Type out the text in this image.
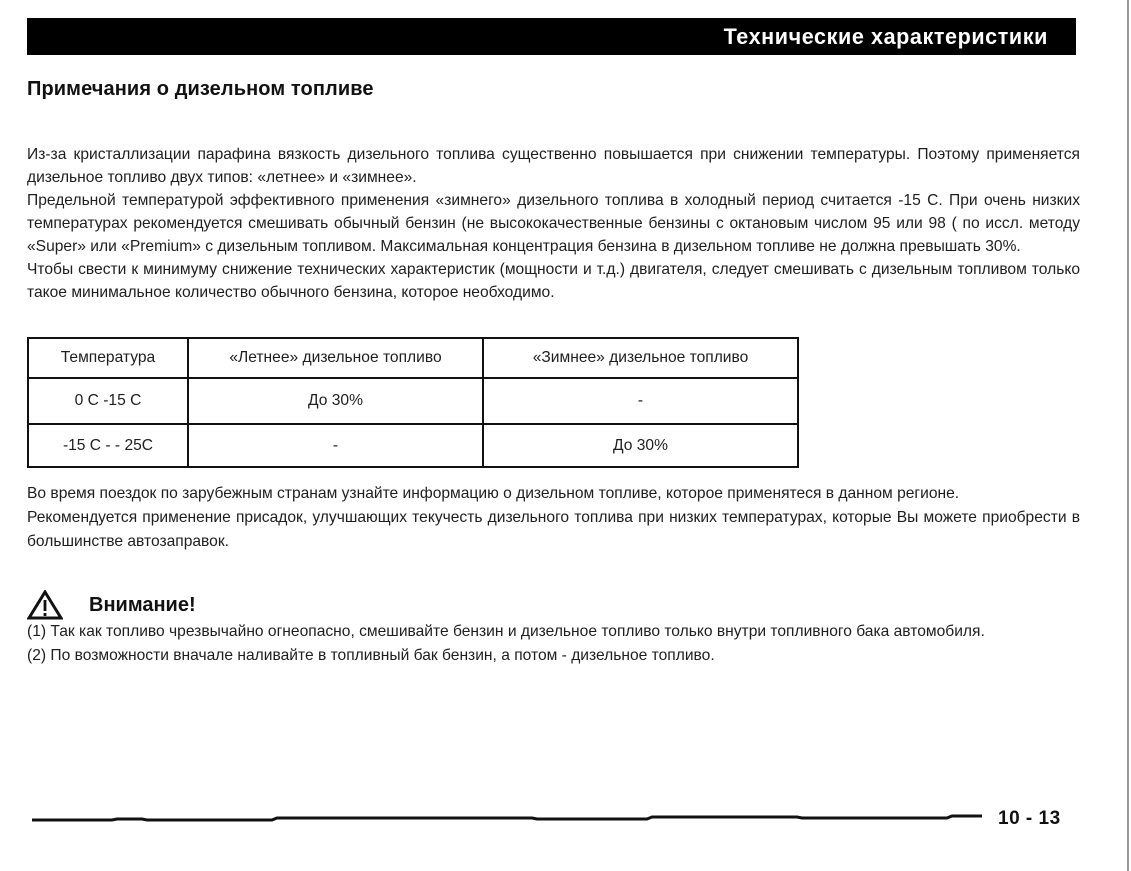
Технические характеристики
Примечания о дизельном топливе

Из-за кристаллизации парафина вязкость дизельного топлива существенно повышается при снижении температуры. Поэтому применяется дизельное топливо двух типов: «летнее» и «зимнее».

Предельной температурой эффективного применения «зимнего» дизельного топлива в холодный период считается -15 С. При очень низких температурах рекомендуется смешивать обычный бензин (не высококачественные бензины с октановым числом 95 или 98 ( по иссл. методу «Super» или «Premium» с дизельным топливом. Максимальная концентрация бензина в дизельном топливе не должна превышать 30%.

Чтобы свести к минимуму снижение технических характеристик (мощности и т.д.) двигателя, следует смешивать с дизельным топливом только такое минимальное количество обычного бензина, которое необходимо.

Температура	«Летнее» дизельное топливо	«Зимнее» дизельное топливо
0 C -15 C	До 30%	-
-15 C - - 25C	-	До 30%

Во время поездок по зарубежным странам узнайте информацию о дизельном топливе, которое применятеся в данном регионе.

Рекомендуется применение присадок, улучшающих текучесть дизельного топлива при низких температурах, которые Вы можете приобрести в большинстве автозаправок.

Внимание!

(1) Так как топливо чрезвычайно огнеопасно, смешивайте бензин и дизельное топливо только внутри топливного бака автомобиля.

(2) По возможности вначале наливайте в топливный бак бензин, а потом - дизельное топливо.

10 - 13
